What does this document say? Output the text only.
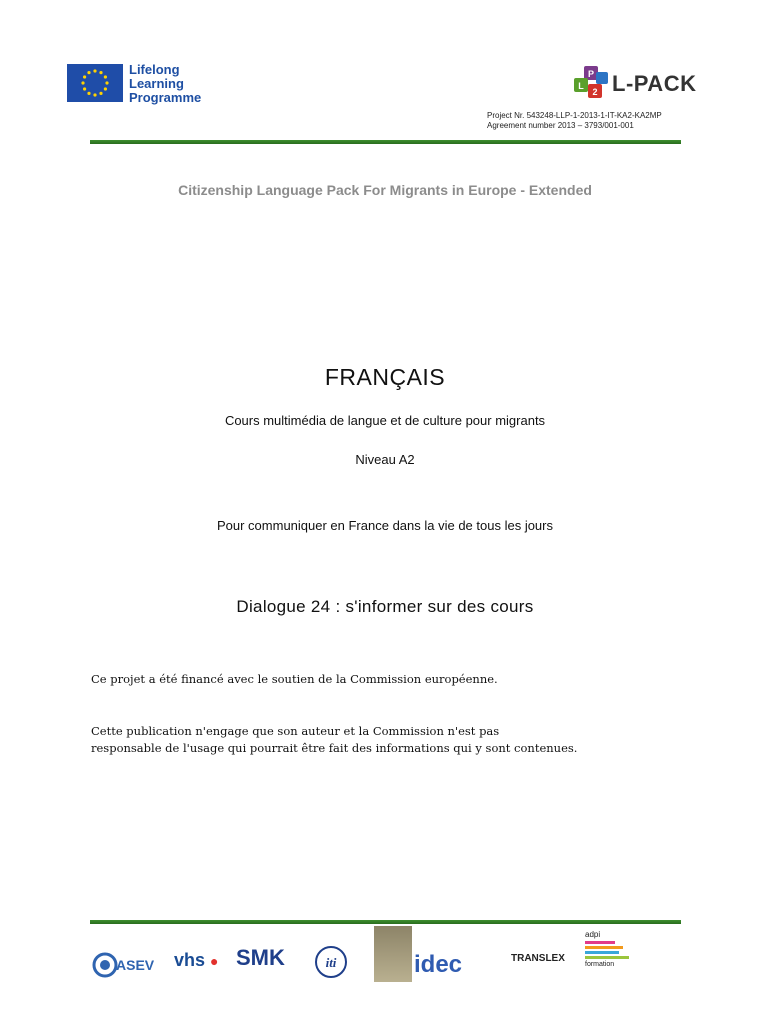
Lifelong
Learning
Programme
P
L
2 L-PACK
Project Nr. 543248-LLP-1-2013-1-IT-KA2-KA2MP
Agreement number 2013 – 3793/001-001
Citizenship Language Pack For Migrants in Europe - Extended
FRANÇAIS
Cours multimédia de langue et de culture pour migrants
Niveau A2
Pour communiquer en France dans la vie de tous les jours
Dialogue 24 : s'informer sur des cours
Ce projet a été financé avec le soutien de la Commission européenne.
Cette publication n'engage que son auteur et la Commission n'est pas
responsable de l'usage qui pourrait être fait des informations qui y sont contenues.
ASEV vhs ● SMK	iti	idec	TRANSLEX
adpi
formation
